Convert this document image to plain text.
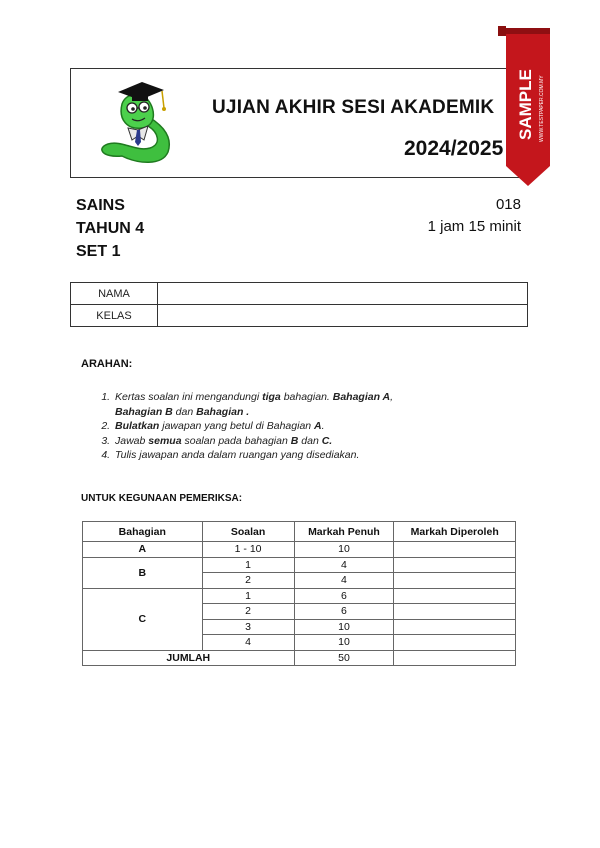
UJIAN AKHIR SESI AKADEMIK
2024/2025
SAMPLE WWW.TESTPAPER.COM.MY
SAINS
TAHUN 4
SET 1
018
1 jam 15 minit
NAMA	
KELAS	
ARAHAN:
1. Kertas soalan ini mengandungi tiga bahagian. Bahagian A,
Bahagian B dan Bahagian .
2. Bulatkan jawapan yang betul di Bahagian A.
3. Jawab semua soalan pada bahagian B dan C.
4. Tulis jawapan anda dalam ruangan yang disediakan.
UNTUK KEGUNAAN PEMERIKSA:
Bahagian	Soalan	Markah Penuh	Markah Diperoleh
A	1 - 10	10	
B	1	4	
	2	4	
C	1	6	
	2	6	
	3	10	
	4	10	
JUMLAH		50	
